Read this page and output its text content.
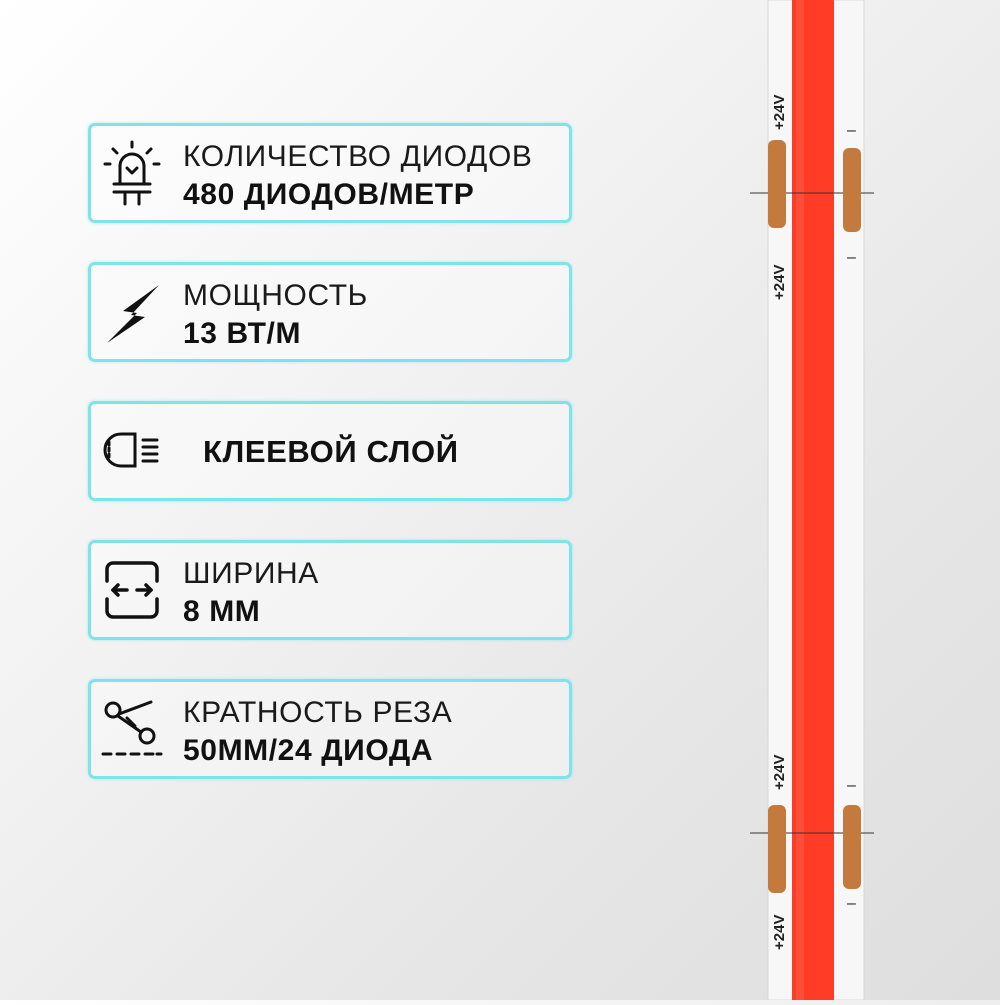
КОЛИЧЕСТВО ДИОДОВ
480 ДИОДОВ/МЕТР
МОЩНОСТЬ
13 ВТ/М
КЛЕЕВОЙ СЛОЙ
ШИРИНА
8 ММ
КРАТНОСТЬ РЕЗА
50ММ/24 ДИОДА
+24V
+24V
–
–
+24V
+24V
–
–
